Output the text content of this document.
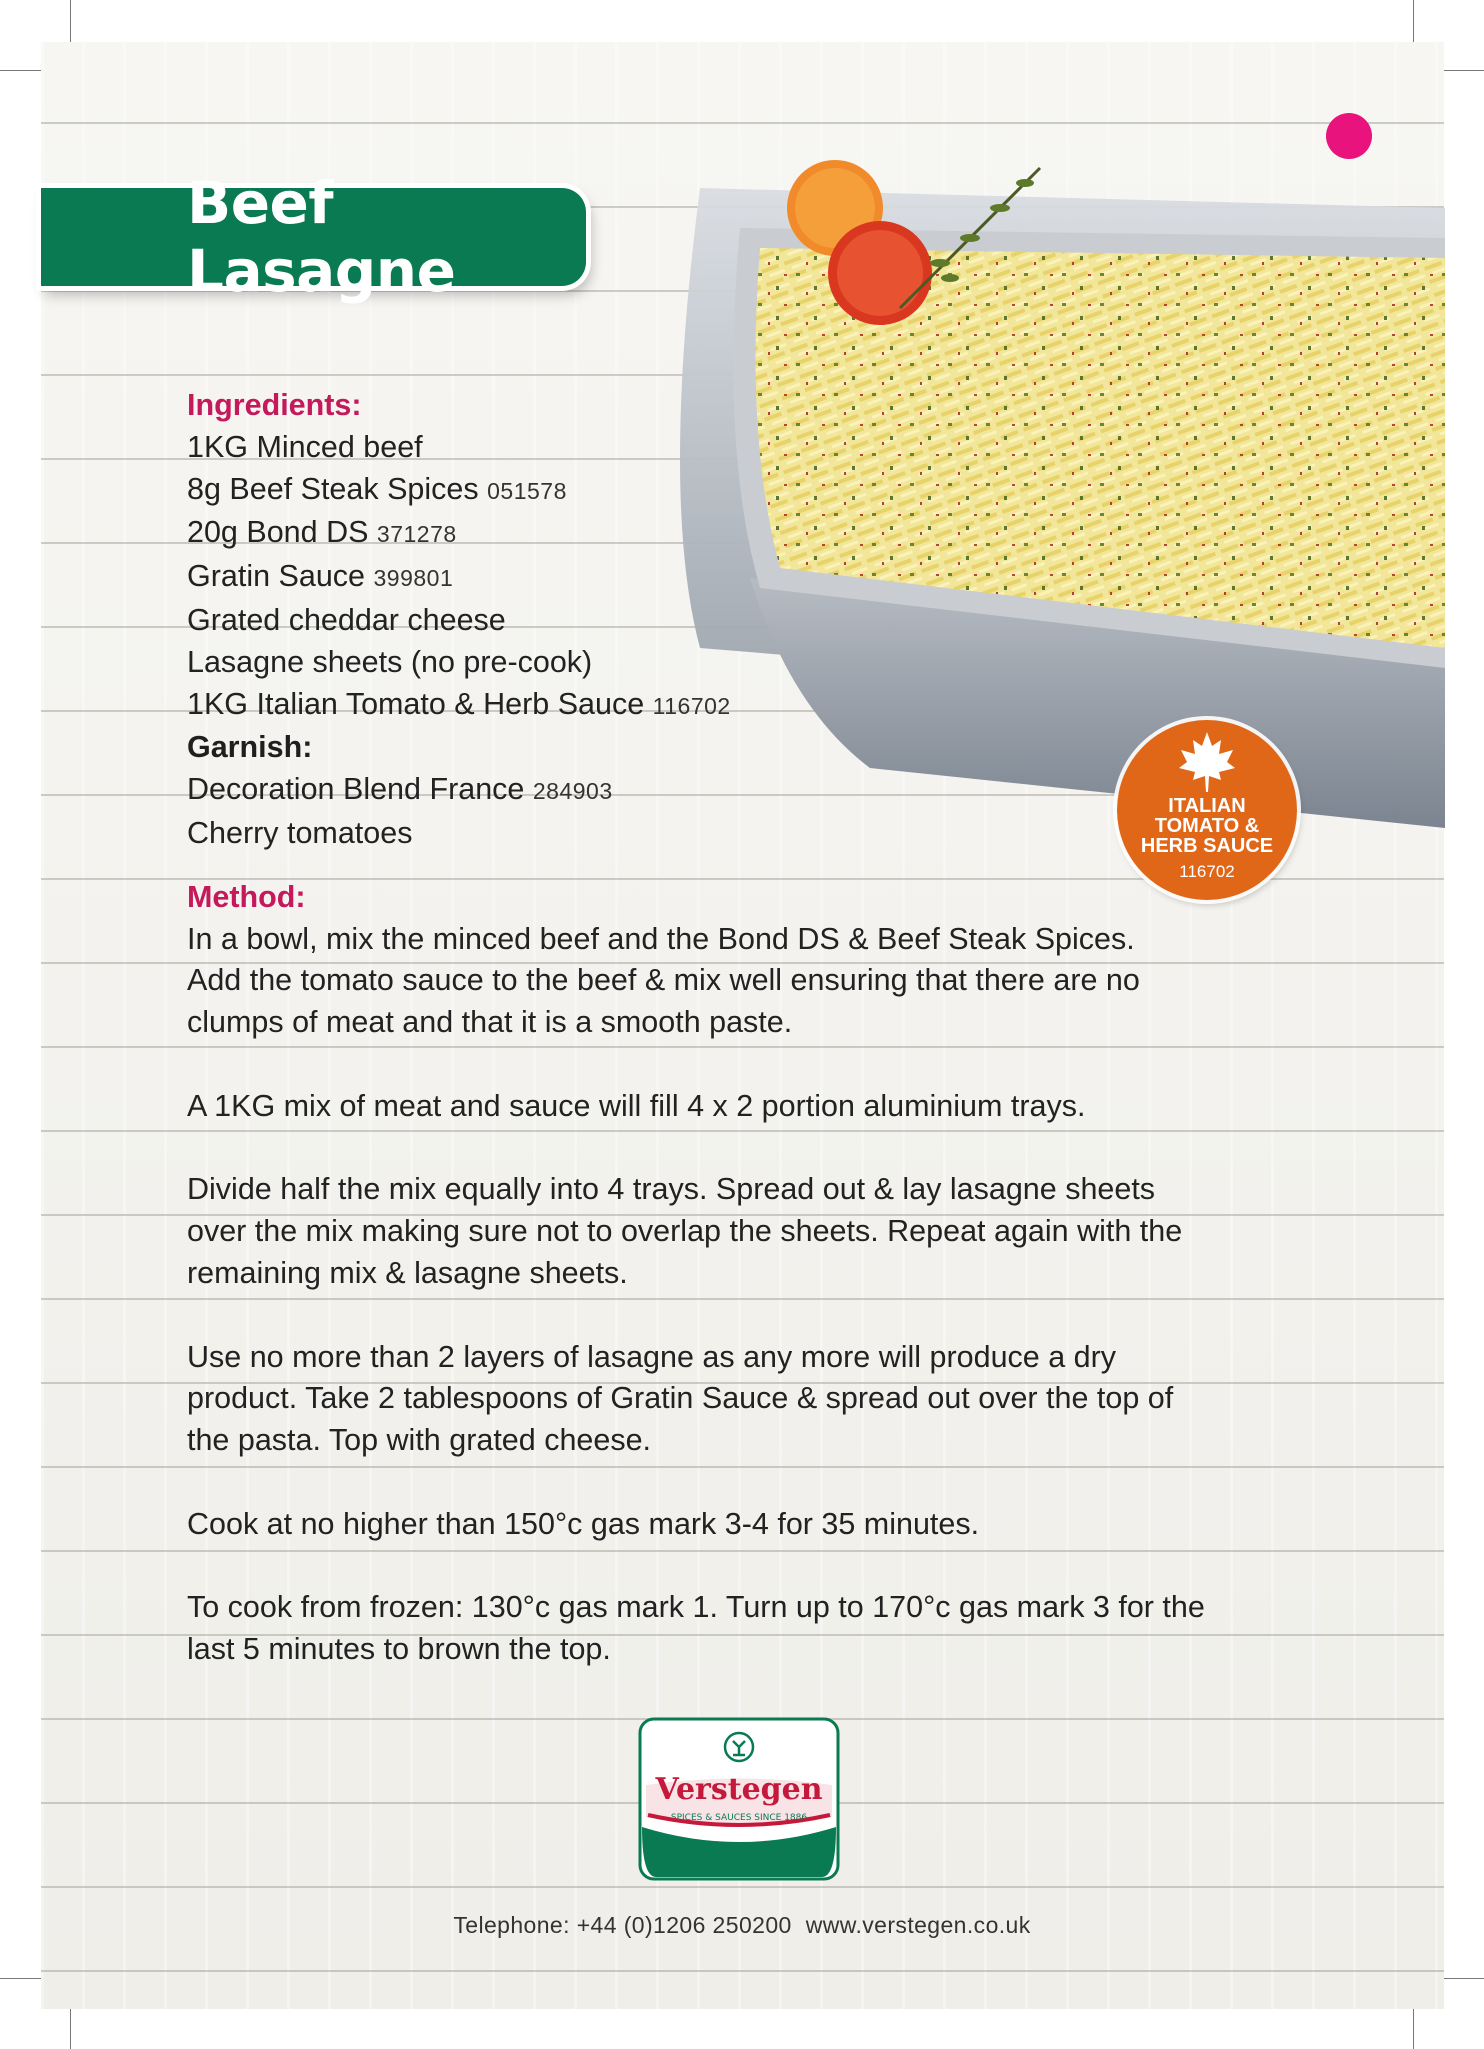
Beef Lasagne

Ingredients:

1KG Minced beef

8g Beef Steak Spices 051578

20g Bond DS 371278

Gratin Sauce 399801

Grated cheddar cheese

Lasagne sheets (no pre-cook)

1KG Italian Tomato & Herb Sauce 116702

Garnish:

Decoration Blend France 284903

Cherry tomatoes

Method:

In a bowl, mix the minced beef and the Bond DS & Beef Steak Spices.

Add the tomato sauce to the beef & mix well ensuring that there are no

clumps of meat and that it is a smooth paste.

A 1KG mix of meat and sauce will fill 4 x 2 portion aluminium trays.

Divide half the mix equally into 4 trays. Spread out & lay lasagne sheets

over the mix making sure not to overlap the sheets. Repeat again with the

remaining mix & lasagne sheets.

Use no more than 2 layers of lasagne as any more will produce a dry

product. Take 2 tablespoons of Gratin Sauce & spread out over the top of

the pasta. Top with grated cheese.

Cook at no higher than 150°c gas mark 3-4 for 35 minutes.

To cook from frozen: 130°c gas mark 1. Turn up to 170°c gas mark 3 for the

last 5 minutes to brown the top.

ITALIAN
TOMATO &
HERB SAUCE
116702
Verstegen
SPICES & SAUCES SINCE 1886
Telephone: +44 (0)1206 250200 www.verstegen.co.uk
